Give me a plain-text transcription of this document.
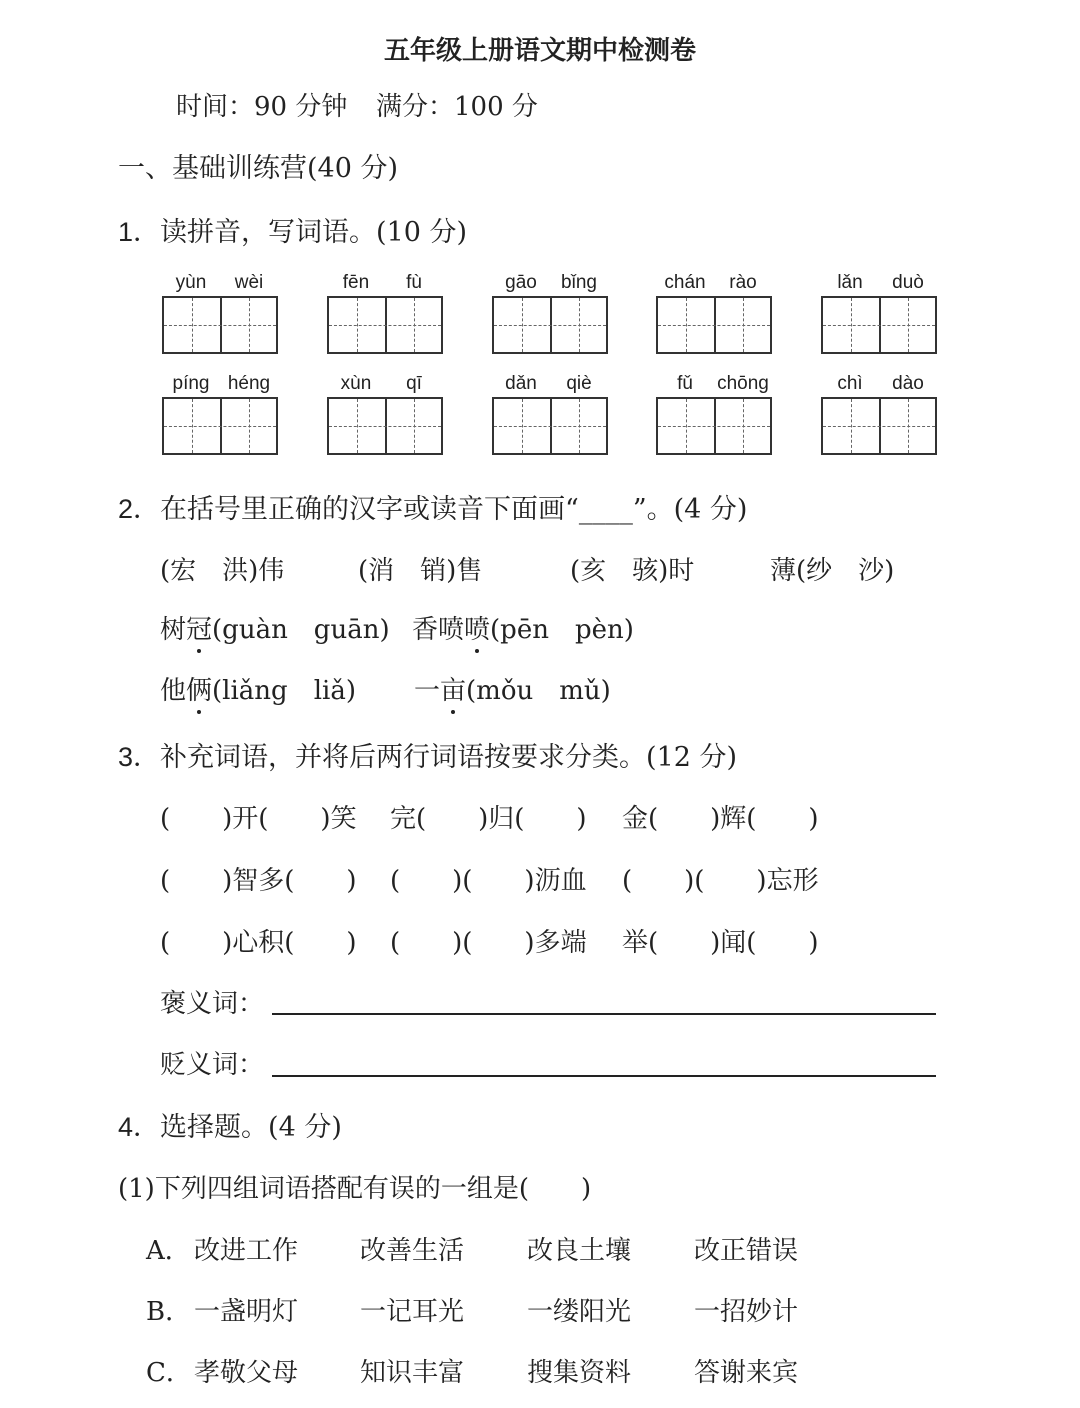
五年级上册语文期中检测卷
时间：90 分钟 满分：100 分
一、基础训练营(40 分)
1．读拼音，写词语。(10 分)
yùn	wèi	fēn	fù	gāo	bǐng	chán	rào	lǎn	duò
píng héng	xùn	qī	dǎn	qiè	fǔ	chōng	chì	dào
2．在括号里正确的汉字或读音下面画“____”。(4 分)
(宏　洪)伟	(消　销)售	(亥　骇)时	薄(纱　沙)
树冠(guàn　guān) 香喷喷(pēn　pèn)
他俩(liǎng　liǎ) 一亩(mǒu　mǔ)
3．补充词语，并将后两行词语按要求分类。(12 分)
(　　)开(　　)笑 完(　　)归(　　) 金(　　)辉(　　)
(　　)智多(　　) (　　)(　　)沥血 (　　)(　　)忘形
(　　)心积(　　) (　　)(　　)多端 举(　　)闻(　　)
褒义词：
贬义词：
4．选择题。(4 分)
(1)下列四组词语搭配有误的一组是(　　)
A． 改进工作 改善生活 改良土壤 改正错误
B． 一盏明灯 一记耳光 一缕阳光 一招妙计
C． 孝敬父母 知识丰富 搜集资料 答谢来宾
